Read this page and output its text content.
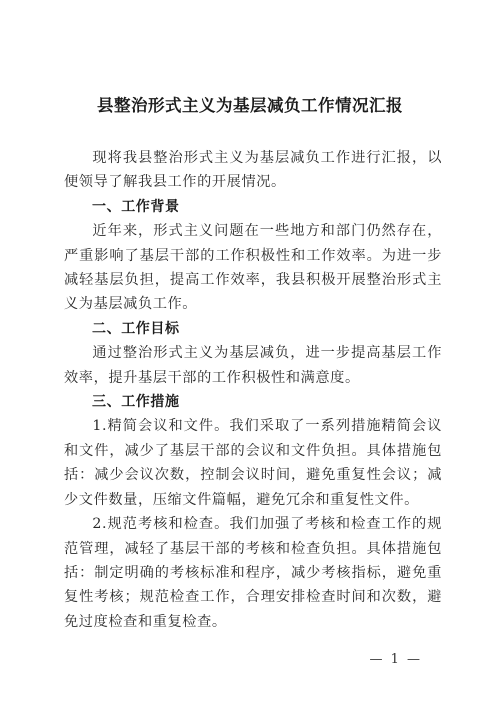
县整治形式主义为基层减负工作情况汇报

现将我县整治形式主义为基层减负工作进行汇报，以便领导了解我县工作的开展情况。

一、工作背景

近年来，形式主义问题在一些地方和部门仍然存在，严重影响了基层干部的工作积极性和工作效率。为进一步减轻基层负担，提高工作效率，我县积极开展整治形式主义为基层减负工作。

二、工作目标

通过整治形式主义为基层减负，进一步提高基层工作效率，提升基层干部的工作积极性和满意度。

三、工作措施

1.精简会议和文件。我们采取了一系列措施精简会议和文件，减少了基层干部的会议和文件负担。具体措施包括：减少会议次数，控制会议时间，避免重复性会议；减少文件数量，压缩文件篇幅，避免冗余和重复性文件。

2.规范考核和检查。我们加强了考核和检查工作的规范管理，减轻了基层干部的考核和检查负担。具体措施包括：制定明确的考核标准和程序，减少考核指标，避免重复性考核；规范检查工作，合理安排检查时间和次数，避免过度检查和重复检查。

— 1 —
